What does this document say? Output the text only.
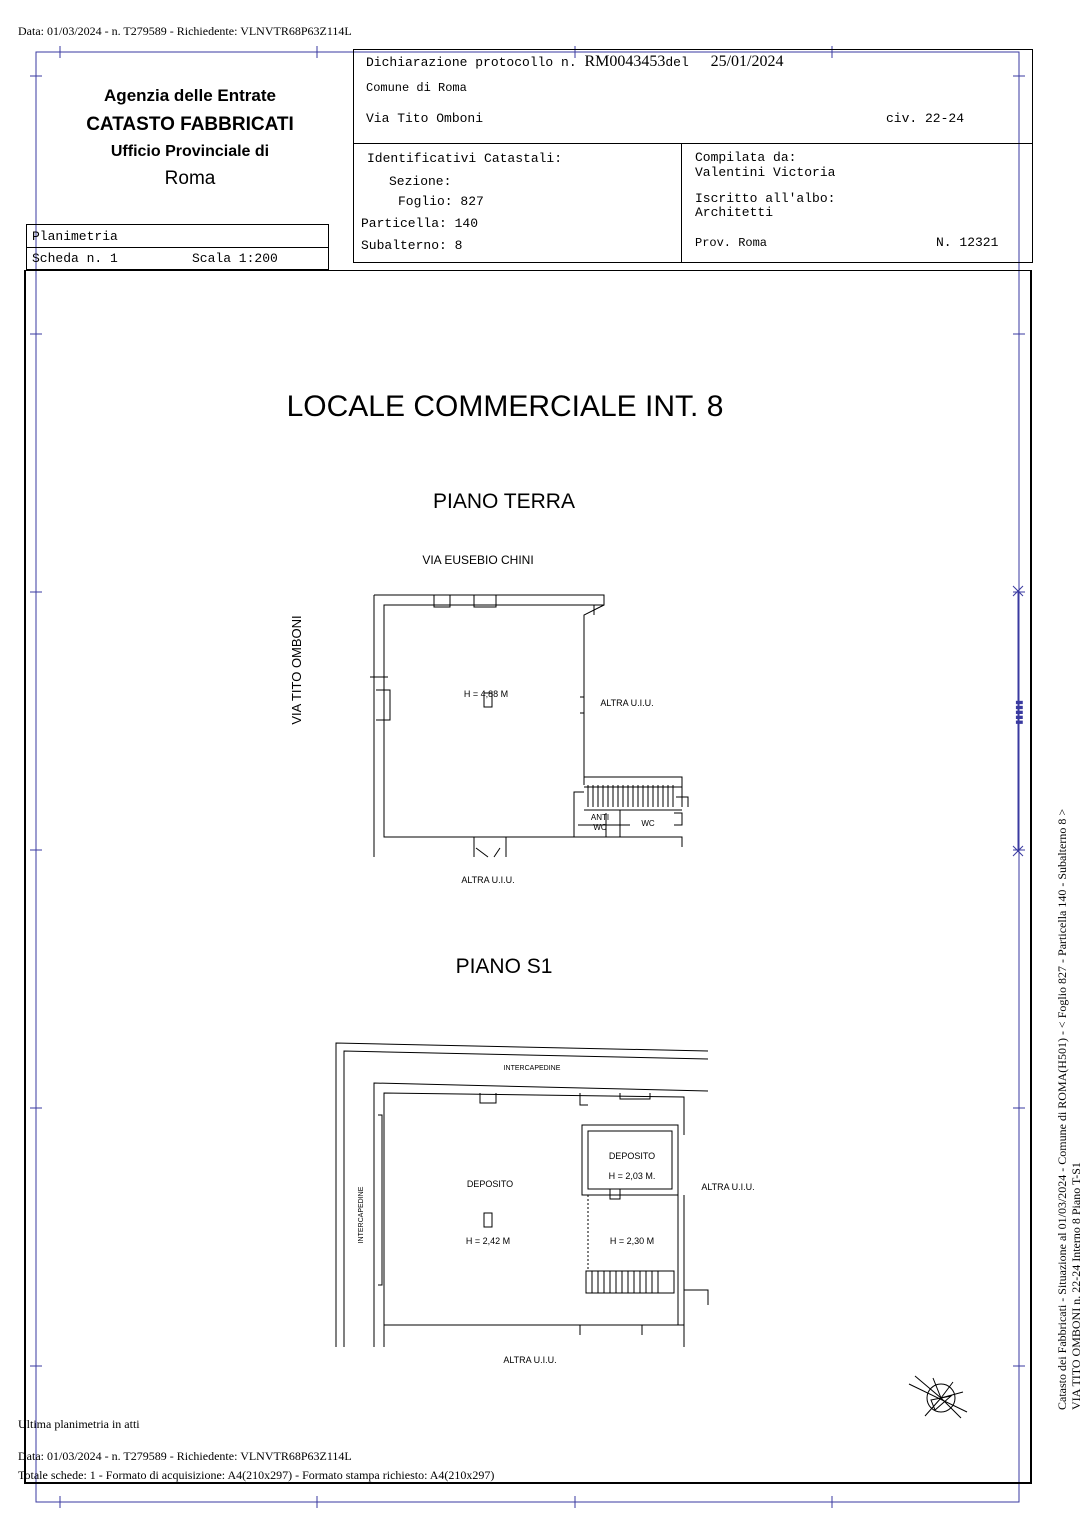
Data: 01/03/2024 - n. T279589 - Richiedente: VLNVTR68P63Z114L
Agenzia delle Entrate
CATASTO FABBRICATI
Ufficio Provinciale di
Roma
Planimetria
Scheda n. 1	Scala 1:200
Dichiarazione protocollo n. RM0043453del 25/01/2024
Comune di Roma
Via Tito Omboni	civ. 22-24
Identificativi Catastali:
Sezione:
Foglio: 827
Particella: 140
Subalterno: 8
Compilata da:
Valentini Victoria
Iscritto all'albo:
Architetti
Prov. Roma	N. 12321
LOCALE COMMERCIALE INT. 8
PIANO TERRA
PIANO S1
VIA EUSEBIO CHINI
VIA TITO OMBONI	H = 4,88 M
ALTRA U.I.U.
ANTI
WC	WC
ALTRA U.I.U.
INTERCAPEDINE
INTERCAPEDINE
DEPOSITO
H = 2,42 M
DEPOSITO
H = 2,03 M.
H = 2,30 M
ALTRA U.I.U.
ALTRA U.I.U.
▮▮▮▮▮
Catasto dei Fabbricati - Situazione al 01/03/2024 - Comune di ROMA(H501) - < Foglio 827 - Particella 140 - Subalterno 8 > VIA TITO OMBONI n. 22-24 Interno 8 Piano T-S1
Ultima planimetria in atti
Data: 01/03/2024 - n. T279589 - Richiedente: VLNVTR68P63Z114L
Totale schede: 1 - Formato di acquisizione: A4(210x297) - Formato stampa richiesto: A4(210x297)
